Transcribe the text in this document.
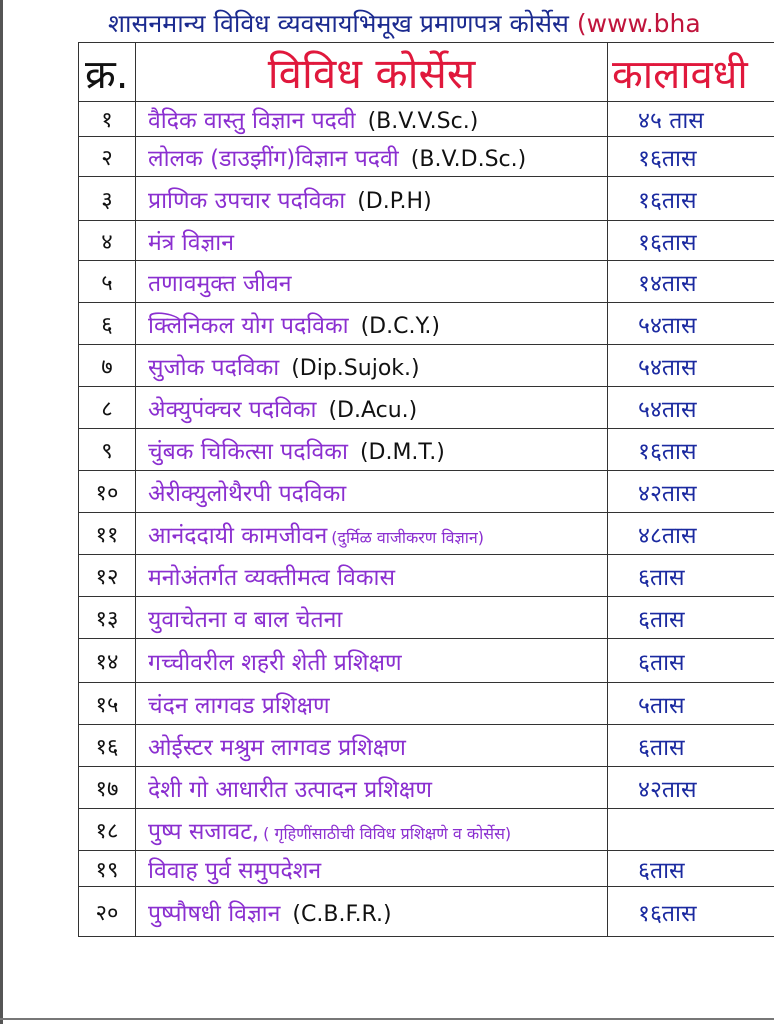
शासनमान्य विविध व्यवसायभिमूख प्रमाणपत्र कोर्सेस (www.bha
क्र.	विविध कोर्सेस	कालावधी
१	वैदिक वास्तु विज्ञान पदवी (B.V.V.Sc.)	४५ तास
२	लोलक (डाउझींग)विज्ञान पदवी (B.V.D.Sc.)	१६तास
३	प्राणिक उपचार पदविका (D.P.H)	१६तास
४	मंत्र विज्ञान	१६तास
५	तणावमुक्त जीवन	१४तास
६	क्लिनिकल योग पदविका (D.C.Y.)	५४तास
७	सुजोक पदविका (Dip.Sujok.)	५४तास
८	अेक्युपंक्चर पदविका (D.Acu.)	५४तास
९	चुंबक चिकित्सा पदविका (D.M.T.)	१६तास
१०	अेरीक्युलोथैरपी पदविका	४२तास
११	आनंददायी कामजीवन (दुर्मिळ वाजीकरण विज्ञान)	४८तास
१२	मनोअंतर्गत व्यक्तीमत्व विकास	६तास
१३	युवाचेतना व बाल चेतना	६तास
१४	गच्चीवरील शहरी शेती प्रशिक्षण	६तास
१५	चंदन लागवड प्रशिक्षण	५तास
१६	ओईस्टर मश्रुम लागवड प्रशिक्षण	६तास
१७	देशी गो आधारीत उत्पादन प्रशिक्षण	४२तास
१८	पुष्प सजावट, ( गृहिणींसाठीची विविध प्रशिक्षणे व कोर्सेस)	
१९	विवाह पुर्व समुपदेशन	६तास
२०	पुष्पौषधी विज्ञान (C.B.F.R.)	१६तास
